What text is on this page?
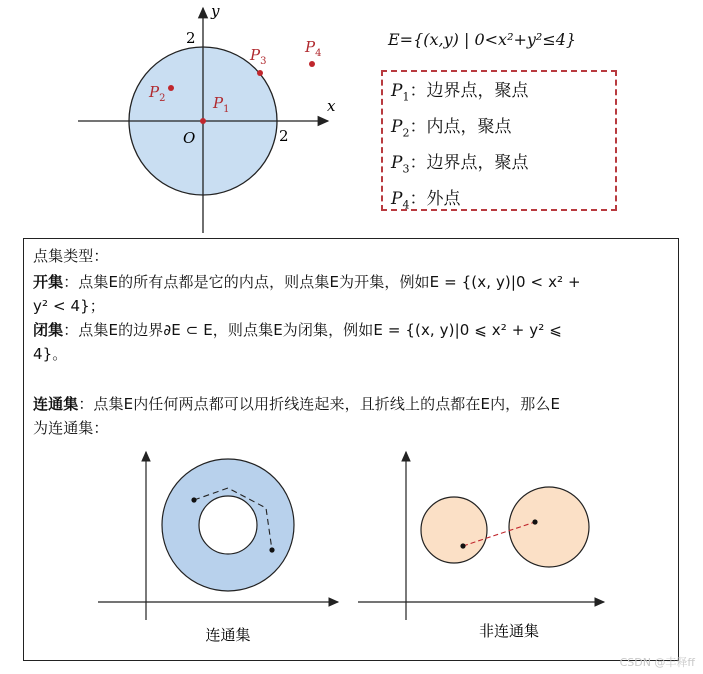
y
x
O
2
2
$P_1$
$P_2$
$P_3$
$P_4$
E={(x,y) | 0<x²+y²≤4}
$P_1$：边界点，聚点
$P_2$：内点，聚点
$P_3$：边界点，聚点
$P_4$：外点
点集类型：
开集：点集E的所有点都是它的内点，则点集E为开集，例如E = {(x, y)|0 < x² +
y² < 4}；
闭集：点集E的边界∂E ⊂ E，则点集E为闭集，例如E = {(x, y)|0 ⩽ x² + y² ⩽
4}。
连通集：点集E内任何两点都可以用折线连起来，且折线上的点都在E内，那么E
为连通集：
连通集	非连通集
CSDN @丰释ff
